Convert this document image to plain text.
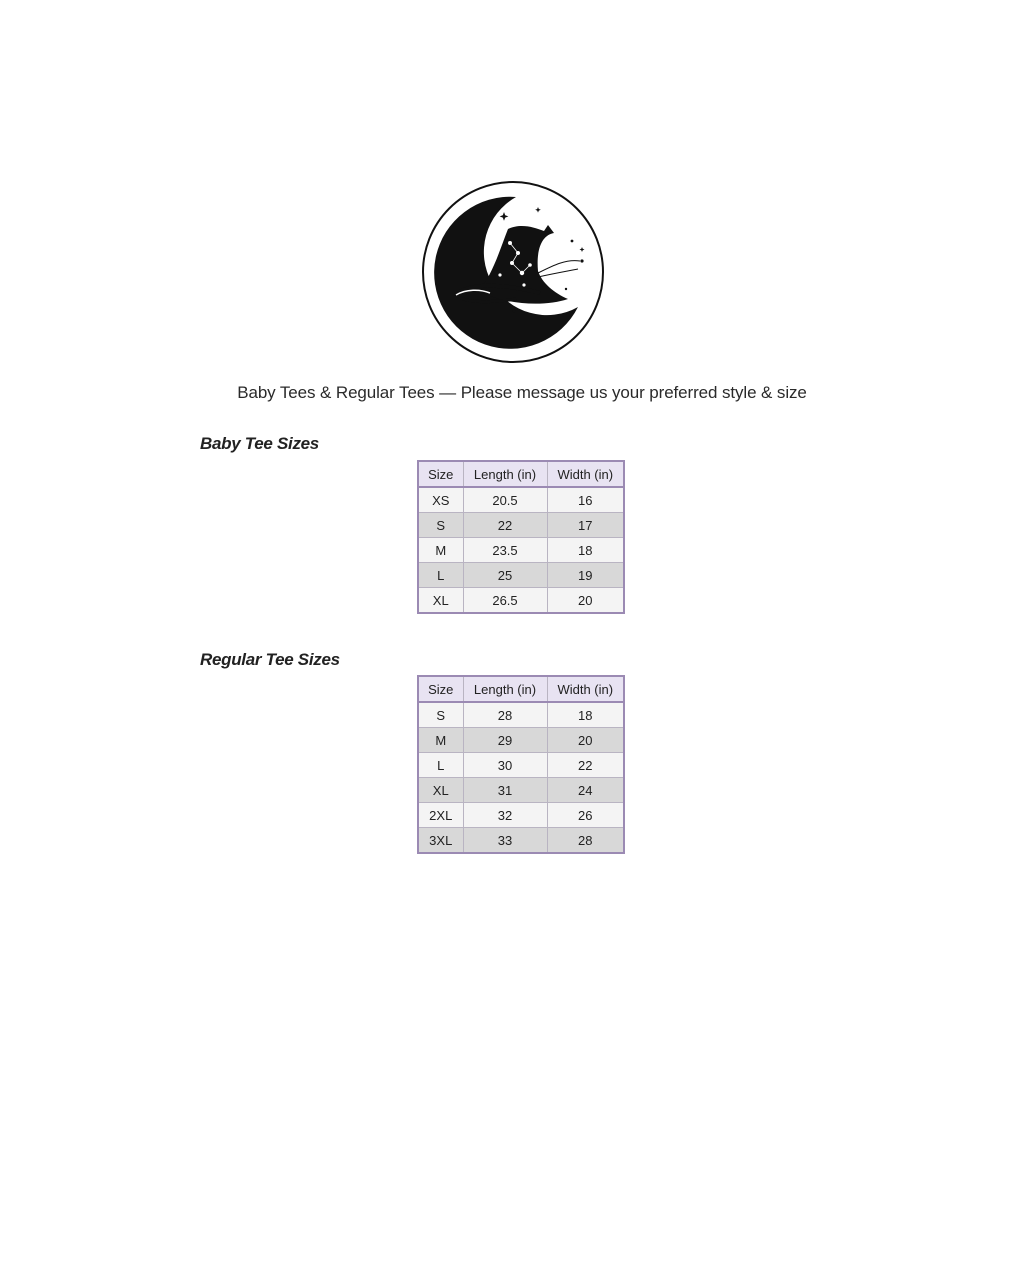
Baby Tees & Regular Tees — Please message us your preferred style & size
Baby Tee Sizes
Size	Length (in)	Width (in)
XS	20.5	16
S	22	17
M	23.5	18
L	25	19
XL	26.5	20
Regular Tee Sizes
Size	Length (in)	Width (in)
S	28	18
M	29	20
L	30	22
XL	31	24
2XL	32	26
3XL	33	28
